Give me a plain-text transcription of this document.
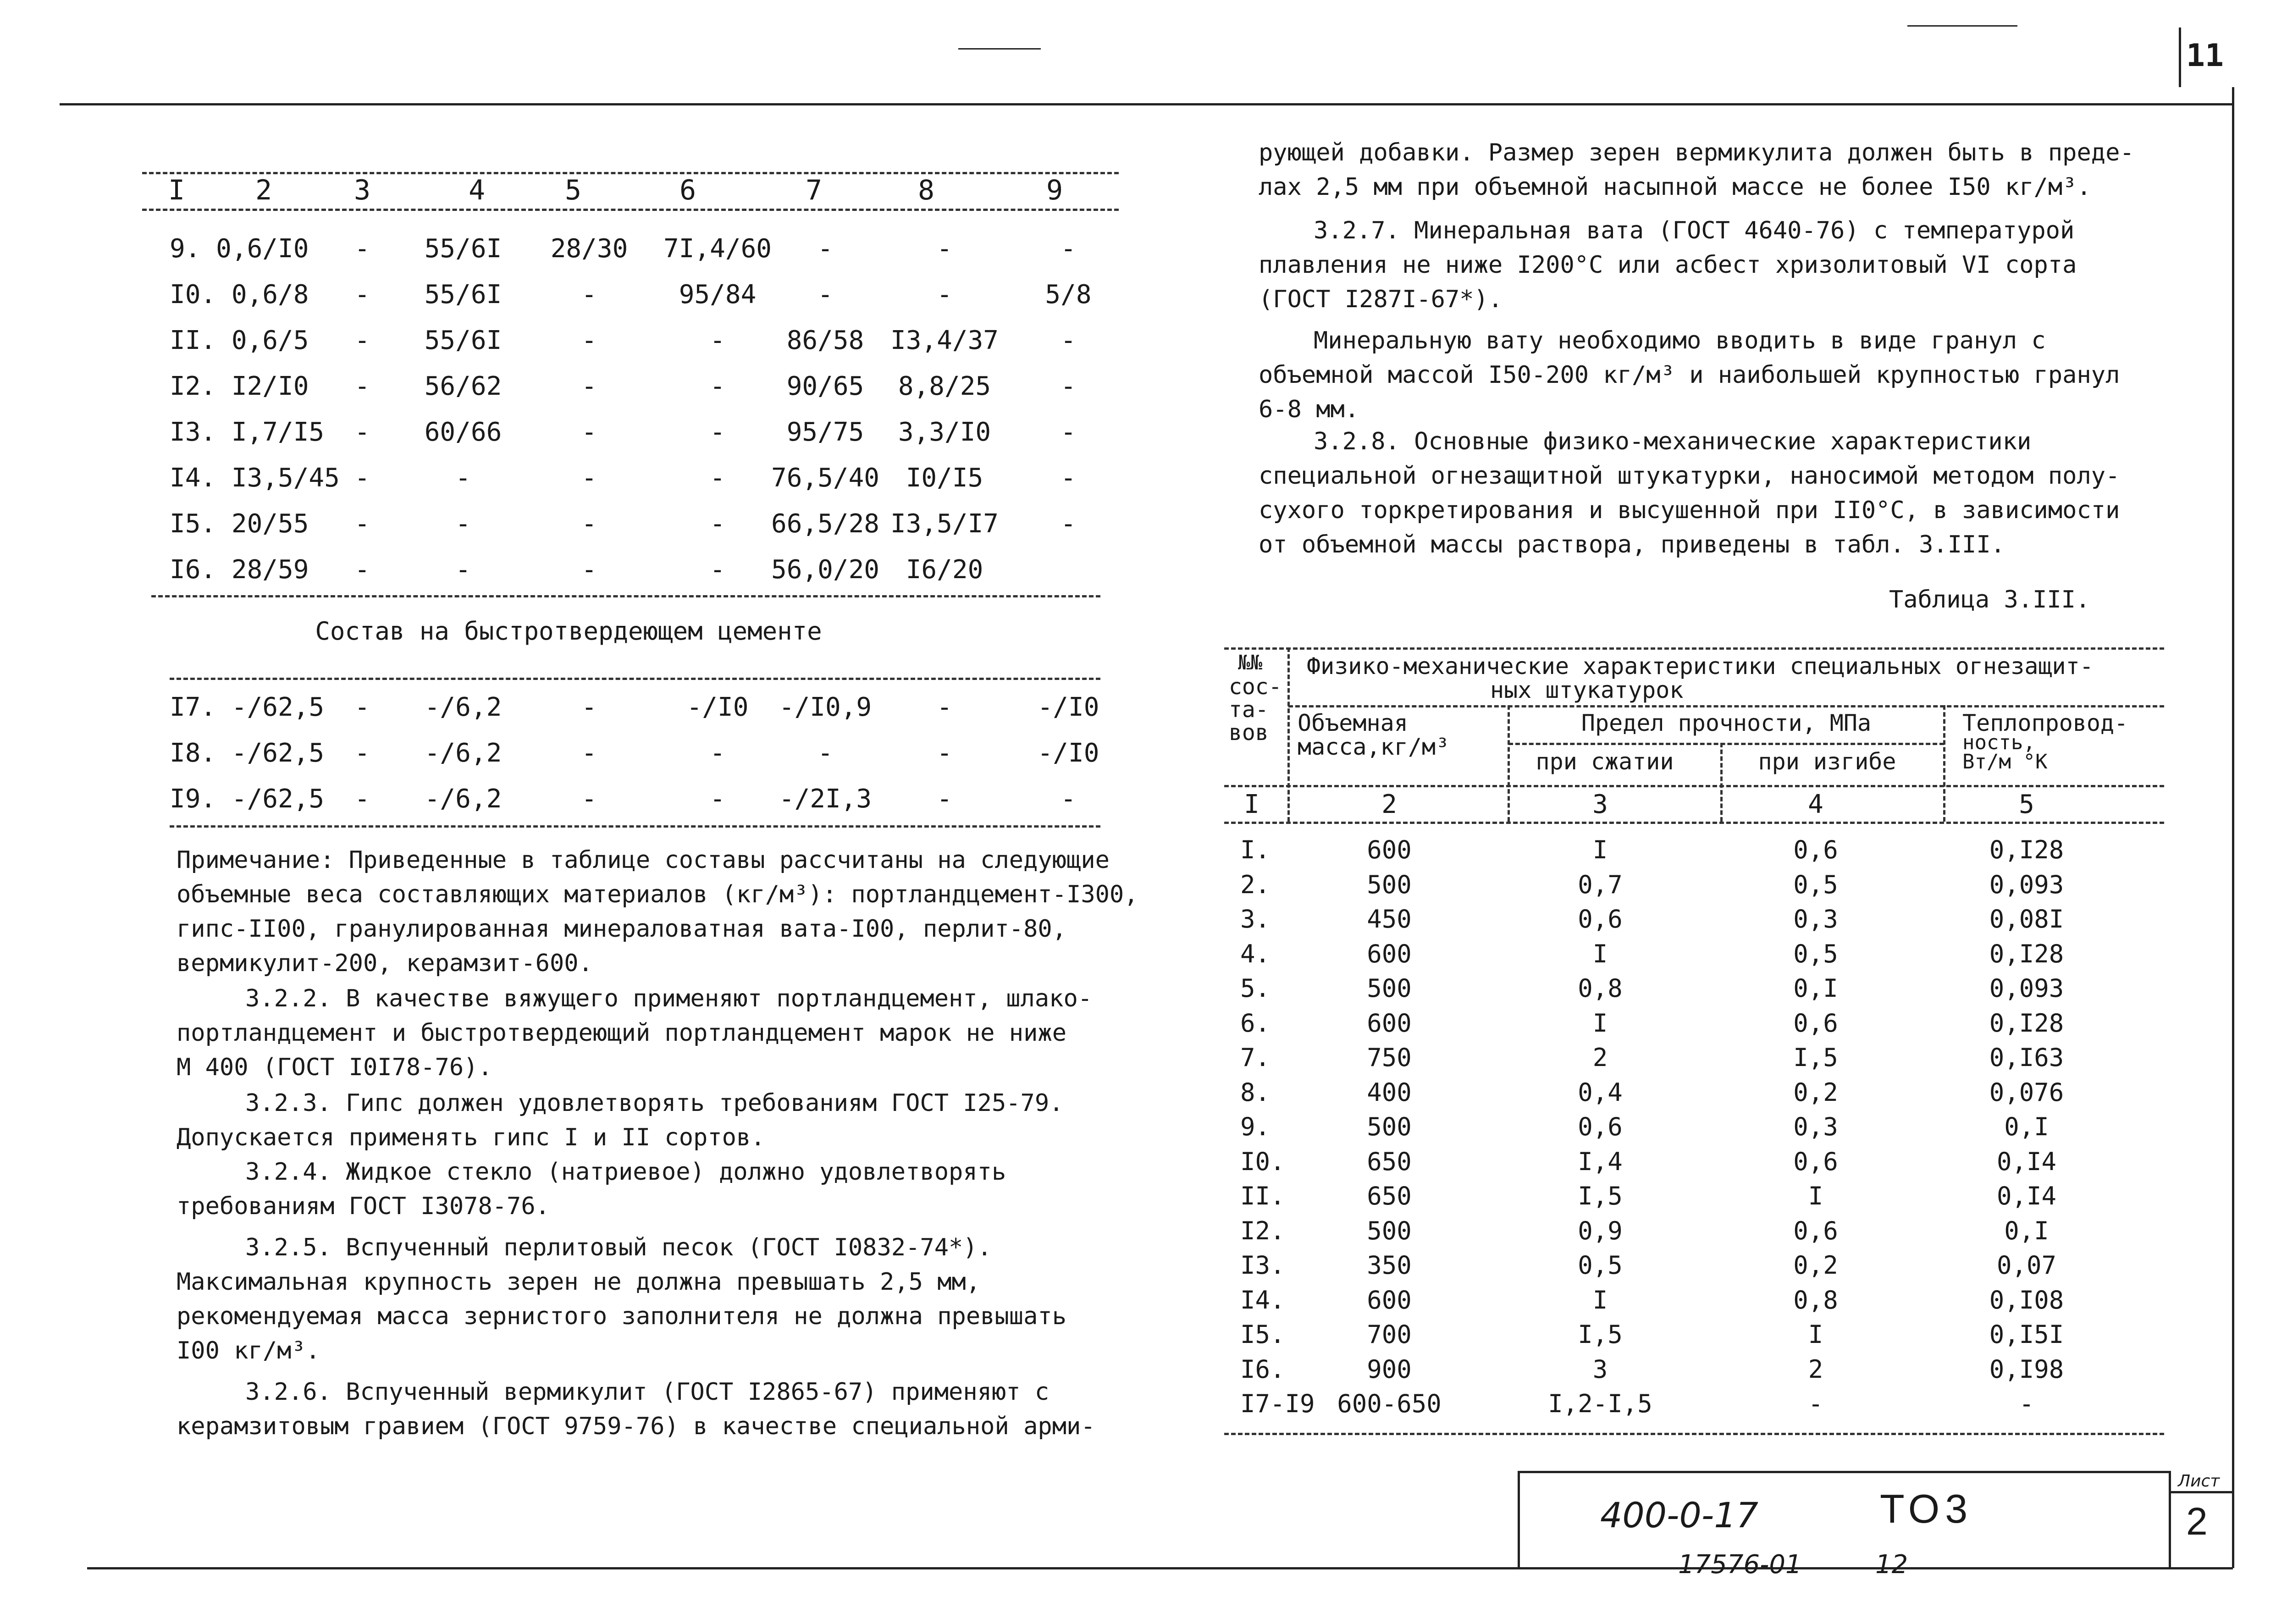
11
I	2	3	4	5	6	7	8	9
9. 0,6/I0 - 55/6I 28/30 7I,4/60 -	-	-
I0. 0,6/8 - 55/6I	-	95/84 -	-	5/8
II. 0,6/5 - 55/6I	-	- 86/58 I3,4/37 -
I2. I2/I0 - 56/62	-	- 90/65 8,8/25	-
I3. I,7/I5 - 60/66	-	- 95/75 3,3/I0	-
I4. I3,5/45 -	-	-	- 76,5/40 I0/I5	-
I5. 20/55 -	-	-	- 66,5/28 I3,5/I7 -
I6. 28/59 -	-	-	- 56,0/20 I6/20
Состав на быстротвердеющем цементе
I7. -/62,5 - -/6,2	-	-/I0 -/I0,9	-	-/I0
I8. -/62,5 - -/6,2	-	-	-	-	-/I0
I9. -/62,5 - -/6,2	-	- -/2I,3	-	-
Примечание: Приведенные в таблице составы рассчитаны на следующие
объемные веса составляющих материалов (кг/м³): портландцемент-I300,
гипс-II00, гранулированная минераловатная вата-I00, перлит-80,
вермикулит-200, керамзит-600.
3.2.2. В качестве вяжущего применяют портландцемент, шлако-
портландцемент и быстротвердеющий портландцемент марок не ниже
М 400 (ГОСТ I0I78-76).
3.2.3. Гипс должен удовлетворять требованиям ГОСТ I25-79.
Допускается применять гипс I и II сортов.
3.2.4. Жидкое стекло (натриевое) должно удовлетворять
требованиям ГОСТ I3078-76.
3.2.5. Вспученный перлитовый песок (ГОСТ I0832-74*).
Максимальная крупность зерен не должна превышать 2,5 мм,
рекомендуемая масса зернистого заполнителя не должна превышать
I00 кг/м³.
3.2.6. Вспученный вермикулит (ГОСТ I2865-67) применяют с
керамзитовым гравием (ГОСТ 9759-76) в качестве специальной арми-
рующей добавки. Размер зерен вермикулита должен быть в преде-
лах 2,5 мм при объемной насыпной массе не более I50 кг/м³.
3.2.7. Минеральная вата (ГОСТ 4640-76) с температурой
плавления не ниже I200°С или асбест хризолитовый VI сорта
(ГОСТ I287I-67*).
Минеральную вату необходимо вводить в виде гранул с
объемной массой I50-200 кг/м³ и наибольшей крупностью гранул
6-8 мм.
3.2.8. Основные физико-механические характеристики
специальной огнезащитной штукатурки, наносимой методом полу-
сухого торкретирования и высушенной при II0°С, в зависимости
от объемной массы раствора, приведены в табл. 3.III.
Таблица 3.III.
№№
сос-
та-
вов
Физико-механические характеристики специальных огнезащит-
ных штукатурок
Объемная
масса,кг/м³
Предел прочности, МПа
при сжатии	при изгибе
Теплопровод-
ность,
Вт/м °К
I	2	3	4	5
I.	600	I	0,6	0,I28
2.	500	0,7	0,5	0,093
3.	450	0,6	0,3	0,08I
4.	600	I	0,5	0,I28
5.	500	0,8	0,I	0,093
6.	600	I	0,6	0,I28
7.	750	2	I,5	0,I63
8.	400	0,4	0,2	0,076
9.	500	0,6	0,3	0,I
I0.	650	I,4	0,6	0,I4
II.	650	I,5	I	0,I4
I2.	500	0,9	0,6	0,I
I3.	350	0,5	0,2	0,07
I4.	600	I	0,8	0,I08
I5.	700	I,5	I	0,I5I
I6.	900	3	2	0,I98
I7-I9 600-650	I,2-I,5	-	-
400-0-17	ТО3
Лист
2
17576-01	12
